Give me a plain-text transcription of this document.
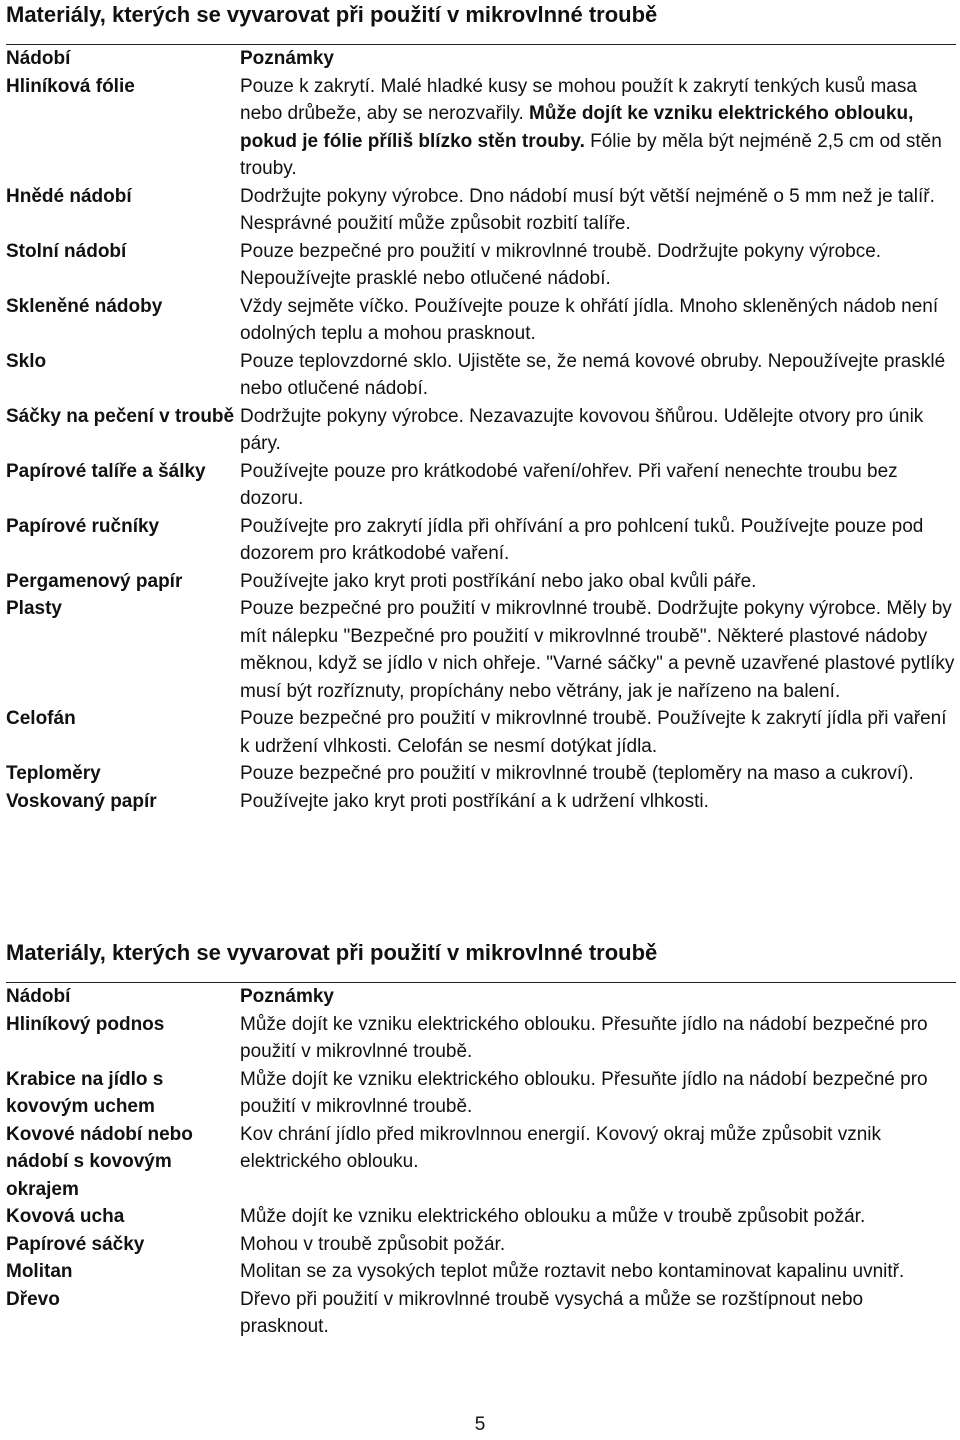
Materiály, kterých se vyvarovat při použití v mikrovlnné troubě
Nádobí	Poznámky
Hliníková fólie	Pouze k zakrytí. Malé hladké kusy se mohou použít k zakrytí tenkých kusů masa nebo drůbeže, aby se nerozvařily. Může dojít ke vzniku elektrického oblouku, pokud je fólie příliš blízko stěn trouby. Fólie by měla být nejméně 2,5 cm od stěn trouby.
Hnědé nádobí	Dodržujte pokyny výrobce. Dno nádobí musí být větší nejméně o 5 mm než je talíř. Nesprávné použití může způsobit rozbití talíře.
Stolní nádobí	Pouze bezpečné pro použití v mikrovlnné troubě. Dodržujte pokyny výrobce. Nepoužívejte prasklé nebo otlučené nádobí.
Skleněné nádoby	Vždy sejměte víčko. Používejte pouze k ohřátí jídla. Mnoho skleněných nádob není odolných teplu a mohou prasknout.
Sklo	Pouze teplovzdorné sklo. Ujistěte se, že nemá kovové obruby. Nepoužívejte prasklé nebo otlučené nádobí.
Sáčky na pečení v troubě	Dodržujte pokyny výrobce. Nezavazujte kovovou šňůrou. Udělejte otvory pro únik páry.
Papírové talíře a šálky	Používejte pouze pro krátkodobé vaření/ohřev. Při vaření nenechte troubu bez dozoru.
Papírové ručníky	Používejte pro zakrytí jídla při ohřívání a pro pohlcení tuků. Používejte pouze pod dozorem pro krátkodobé vaření.
Pergamenový papír	Používejte jako kryt proti postříkání nebo jako obal kvůli páře.
Plasty	Pouze bezpečné pro použití v mikrovlnné troubě. Dodržujte pokyny výrobce. Měly by mít nálepku "Bezpečné pro použití v mikrovlnné troubě". Některé plastové nádoby měknou, když se jídlo v nich ohřeje. "Varné sáčky" a pevně uzavřené plastové pytlíky musí být rozříznuty, propíchány nebo větrány, jak je nařízeno na balení.
Celofán	Pouze bezpečné pro použití v mikrovlnné troubě. Používejte k zakrytí jídla při vaření k udržení vlhkosti. Celofán se nesmí dotýkat jídla.
Teploměry	Pouze bezpečné pro použití v mikrovlnné troubě (teploměry na maso a cukroví).
Voskovaný papír	Používejte jako kryt proti postříkání a k udržení vlhkosti.
Materiály, kterých se vyvarovat při použití v mikrovlnné troubě
Nádobí	Poznámky
Hliníkový podnos	Může dojít ke vzniku elektrického oblouku. Přesuňte jídlo na nádobí bezpečné pro použití v mikrovlnné troubě.
Krabice na jídlo s kovovým uchem	Může dojít ke vzniku elektrického oblouku. Přesuňte jídlo na nádobí bezpečné pro použití v mikrovlnné troubě.
Kovové nádobí nebo nádobí s kovovým okrajem	Kov chrání jídlo před mikrovlnnou energií. Kovový okraj může způsobit vznik elektrického oblouku.
Kovová ucha	Může dojít ke vzniku elektrického oblouku a může v troubě způsobit požár.
Papírové sáčky	Mohou v troubě způsobit požár.
Molitan	Molitan se za vysokých teplot může roztavit nebo kontaminovat kapalinu uvnitř.
Dřevo	Dřevo při použití v mikrovlnné troubě vysychá a může se rozštípnout nebo prasknout.
5
